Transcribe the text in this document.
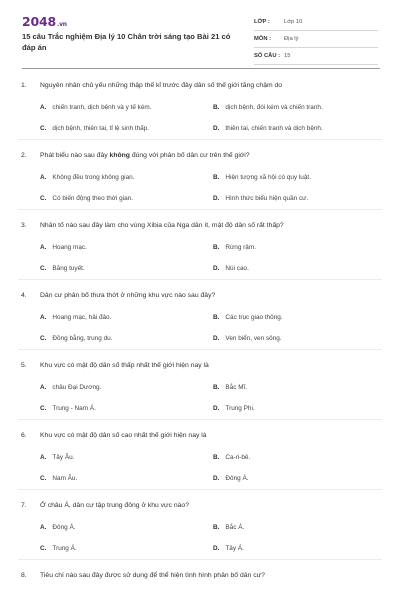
2048.vn
15 câu Trắc nghiệm Địa lý 10 Chân trời sáng tạo Bài 21 có đáp án
LỚP :	Lớp 10
MÔN :	Địa lý
SỐ CÂU : 15
1. Nguyên nhân chủ yếu những thập thế kỉ trước đây dân số thế giới tăng chậm do
A. chiến tranh, dịch bệnh và y tế kém.	B. dịch bệnh, đói kém và chiến tranh.
C. dịch bệnh, thiên tai, tỉ lệ sinh thấp.	D. thiên tai, chiến tranh và dịch bệnh.
2. Phát biểu nào sau đây không đúng với phân bố dân cư trên thế giới?
A. Không đều trong không gian.	B. Hiện tượng xã hội có quy luật.
C. Có biến động theo thời gian.	D. Hình thức biểu hiện quần cư.
3. Nhân tố nào sau đây làm cho vùng Xibia của Nga dân ít, mật độ dân số rất thấp?
A. Hoang mạc.	B. Rừng rậm.
C. Băng tuyết.	D. Núi cao.
4. Dân cư phân bố thưa thớt ở những khu vực nào sau đây?
A. Hoang mạc, hải đảo.	B. Các trục giao thông.
C. Đồng bằng, trung du.	D. Ven biển, ven sông.
5. Khu vực có mật độ dân số thấp nhất thế giới hiện nay là
A. châu Đại Dương.	B. Bắc Mĩ.
C. Trung - Nam Á.	D. Trung Phi.
6. Khu vực có mật độ dân số cao nhất thế giới hiện nay là
A. Tây Âu.	B. Ca-ri-bê.
C. Nam Âu.	D. Đông Á.
7. Ở châu Á, dân cư tập trung đông ở khu vực nào?
A. Đông Á.	B. Bắc Á.
C. Trung Á.	D. Tây Á.
8. Tiêu chí nào sau đây được sử dụng để thể hiện tình hình phân bố dân cư?
